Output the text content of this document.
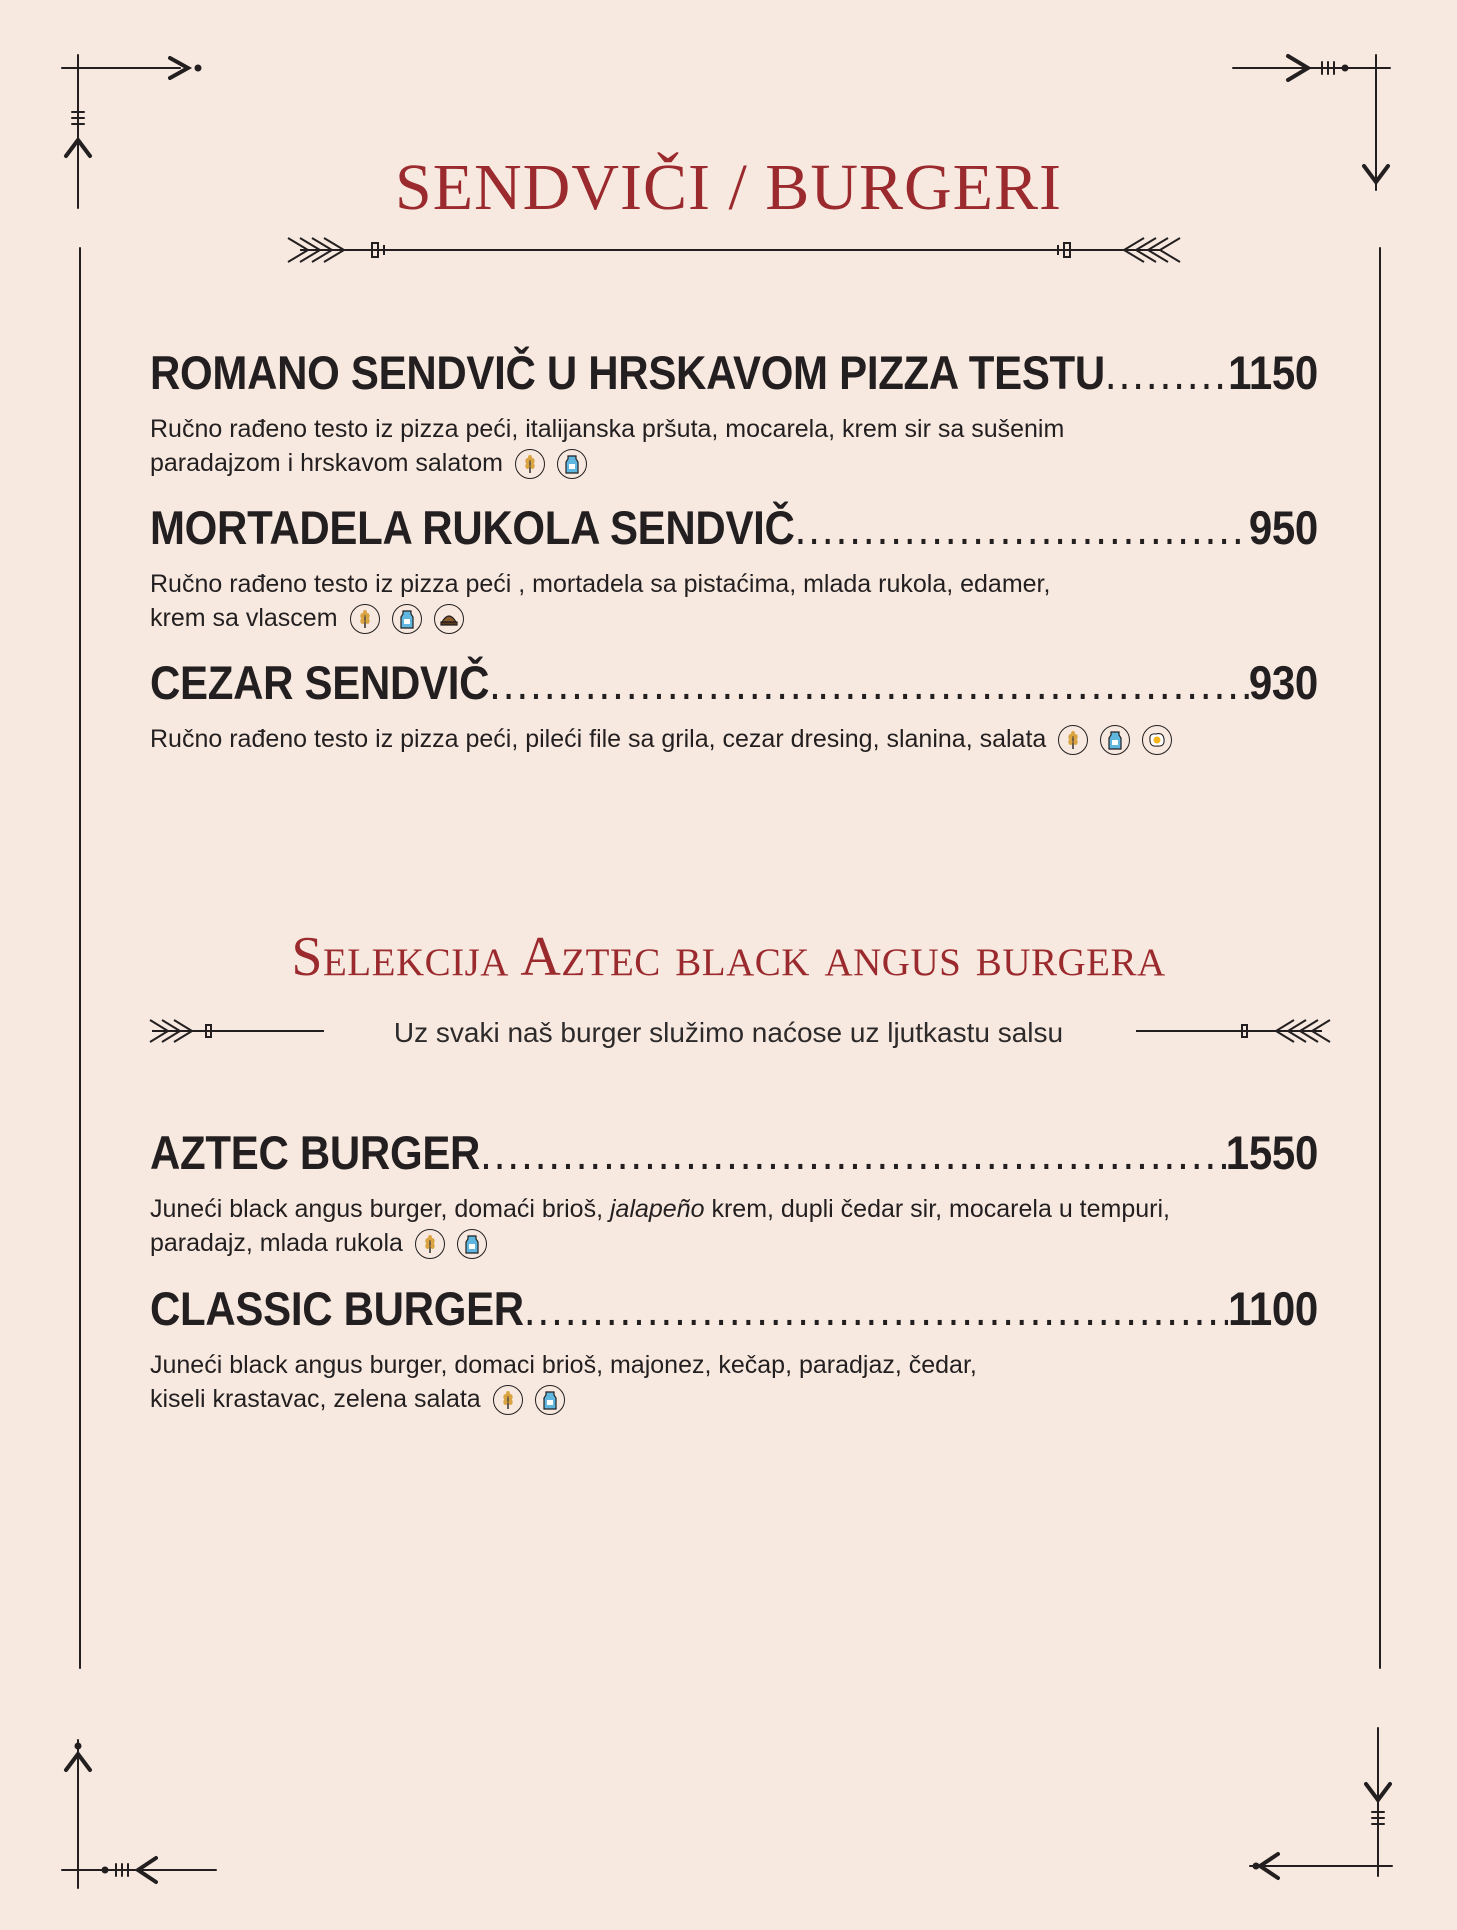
SENDVIČI / BURGERI
ROMANO SENDVIČ U HRSKAVOM PIZZA TESTU .....	1150
Ručno rađeno testo iz pizza peći, italijanska pršuta, mocarela, krem sir sa sušenim
paradajzom i hrskavom salatom
MORTADELA RUKOLA SENDVIČ .....	950
Ručno rađeno testo iz pizza peći , mortadela sa pistaćima, mlada rukola, edamer,
krem sa vlascem
CEZAR SENDVIČ .....	930
Ručno rađeno testo iz pizza peći, pileći file sa grila, cezar dresing, slanina, salata
Selekcija Aztec black angus burgera
Uz svaki naš burger služimo naćose uz ljutkastu salsu
AZTEC BURGER .....	1550
Juneći black angus burger, domaći brioš, jalapeño krem, dupli čedar sir, mocarela u tempuri,
paradajz, mlada rukola
CLASSIC BURGER .....	1100
Juneći black angus burger, domaci brioš, majonez, kečap, paradjaz, čedar,
kiseli krastavac, zelena salata
